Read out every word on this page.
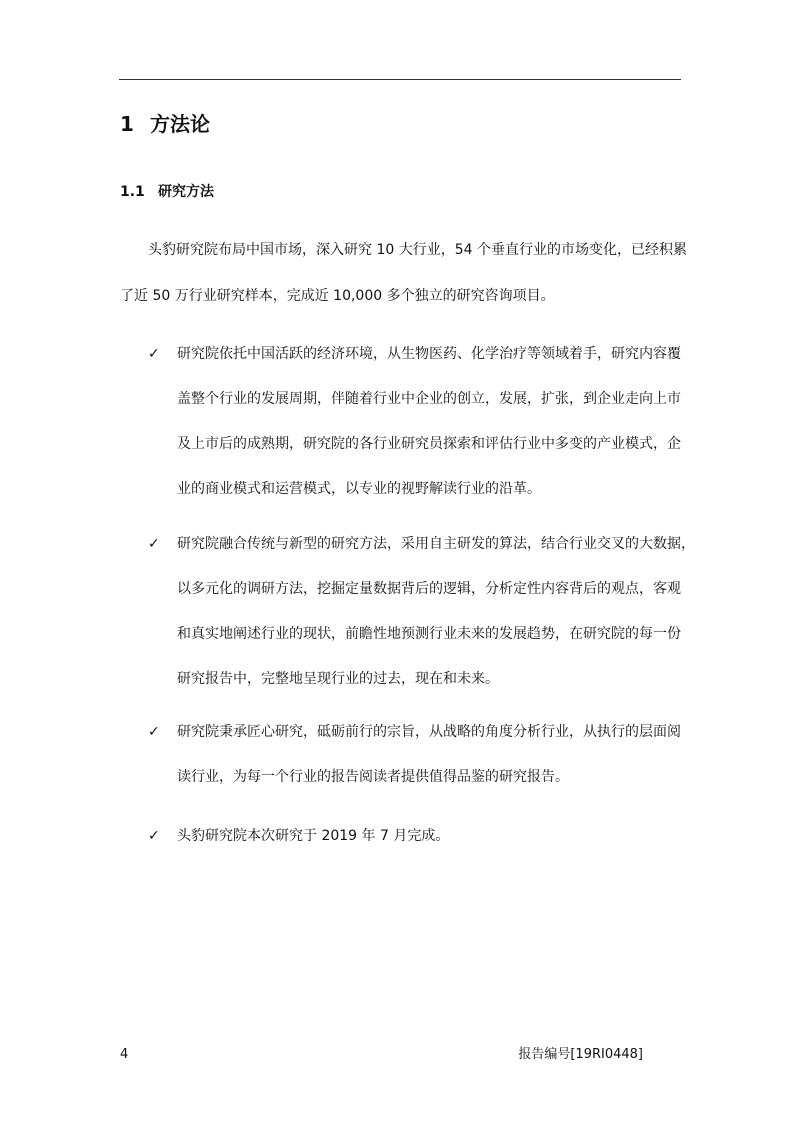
1 方法论
1.1 研究方法
头豹研究院布局中国市场，深入研究 10 大行业，54 个垂直行业的市场变化，已经积累
了近 50 万行业研究样本，完成近 10,000 多个独立的研究咨询项目。
✓ 研究院依托中国活跃的经济环境，从生物医药、化学治疗等领域着手，研究内容覆
盖整个行业的发展周期，伴随着行业中企业的创立，发展，扩张，到企业走向上市
及上市后的成熟期，研究院的各行业研究员探索和评估行业中多变的产业模式，企
业的商业模式和运营模式，以专业的视野解读行业的沿革。
✓ 研究院融合传统与新型的研究方法，采用自主研发的算法，结合行业交叉的大数据，
以多元化的调研方法，挖掘定量数据背后的逻辑，分析定性内容背后的观点，客观
和真实地阐述行业的现状，前瞻性地预测行业未来的发展趋势，在研究院的每一份
研究报告中，完整地呈现行业的过去，现在和未来。
✓ 研究院秉承匠心研究，砥砺前行的宗旨，从战略的角度分析行业，从执行的层面阅
读行业，为每一个行业的报告阅读者提供值得品鉴的研究报告。
✓ 头豹研究院本次研究于 2019 年 7 月完成。
4	报告编号[19RI0448]
